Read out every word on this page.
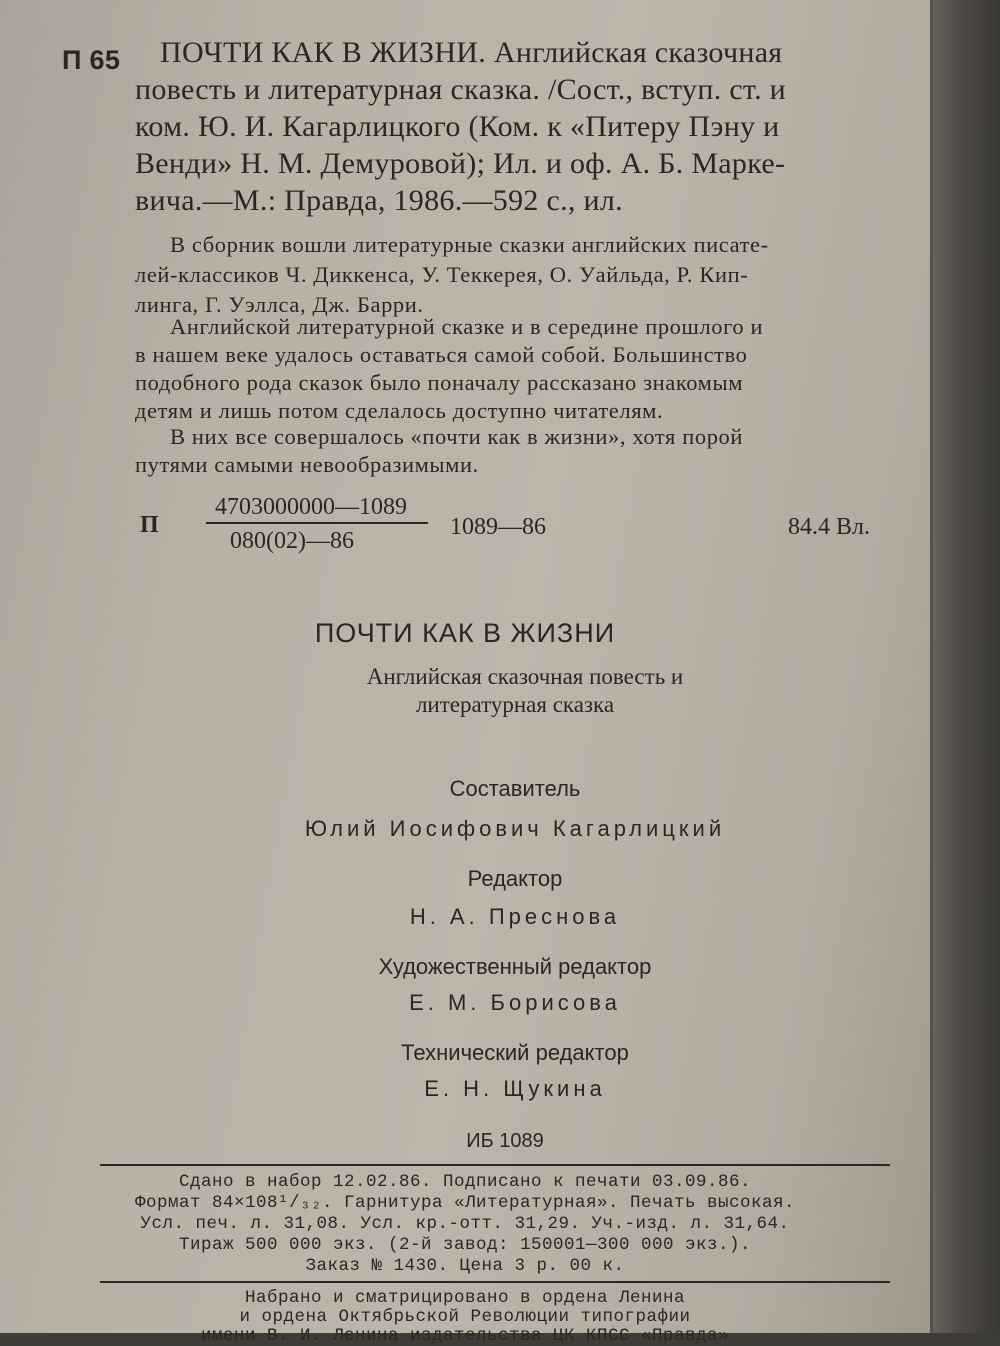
П 65 ПОЧТИ КАК В ЖИЗНИ. Английская сказочная
повесть и литературная сказка. /Сост., вступ. ст. и
ком. Ю. И. Кагарлицкого (Ком. к «Питеру Пэну и
Венди» Н. М. Демуровой); Ил. и оф. А. Б. Марке-
вича.—М.: Правда, 1986.—592 с., ил.
В сборник вошли литературные сказки английских писате-
лей-классиков Ч. Диккенса, У. Теккерея, О. Уайльда, Р. Кип-
линга, Г. Уэллса, Дж. Барри.
Английской литературной сказке и в середине прошлого и
в нашем веке удалось оставаться самой собой. Большинство
подобного рода сказок было поначалу рассказано знакомым
детям и лишь потом сделалось доступно читателям.
В них все совершалось «почти как в жизни», хотя порой
путями самыми невообразимыми.
П
4703000000—1089
080(02)—86
1089—86	84.4 Вл.
ПОЧТИ КАК В ЖИЗНИ
Английская сказочная повесть и
литературная сказка
Составитель
Юлий Иосифович Кагарлицкий
Редактор
Н. А. Преснова
Художественный редактор
Е. М. Борисова
Технический редактор
Е. Н. Щукина
ИБ 1089
Сдано в набор 12.02.86. Подписано к печати 03.09.86.
Формат 84×108¹/₃₂. Гарнитура «Литературная». Печать высокая.
Усл. печ. л. 31,08. Усл. кр.-отт. 31,29. Уч.-изд. л. 31,64.
Тираж 500 000 экз. (2-й завод: 150001—300 000 экз.).
Заказ № 1430. Цена 3 р. 00 к.
Набрано и сматрицировано в ордена Ленина
и ордена Октябрьской Революции типографии
имени В. И. Ленина издательства ЦК КПСС «Правда»
